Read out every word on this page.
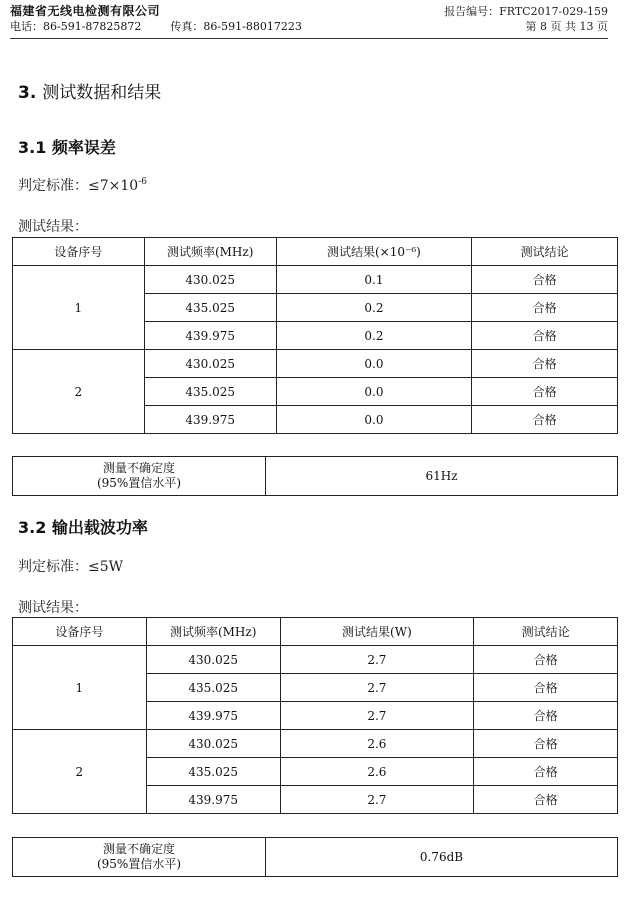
福建省无线电检测有限公司	报告编号：FRTC2017-029-159
电话：86-591-87825872	传真：86-591-88017223	第 8 页 共 13 页
3. 测试数据和结果
3.1 频率误差
判定标准：$\le 7\times 10^{-6}$
测试结果：
设备序号	测试频率(MHz)	测试结果(×10⁻⁶)	测试结论
1	430.025	0.1	合格
	435.025	0.2	合格
	439.975	0.2	合格
2	430.025	0.0	合格
	435.025	0.0	合格
	439.975	0.0	合格
测量不确定度
(95%置信水平)	61Hz
3.2 输出载波功率
判定标准：≤5W
测试结果：
设备序号	测试频率(MHz)	测试结果(W)	测试结论
1	430.025	2.7	合格
	435.025	2.7	合格
	439.975	2.7	合格
2	430.025	2.6	合格
	435.025	2.6	合格
	439.975	2.7	合格
测量不确定度
(95%置信水平)	0.76dB
